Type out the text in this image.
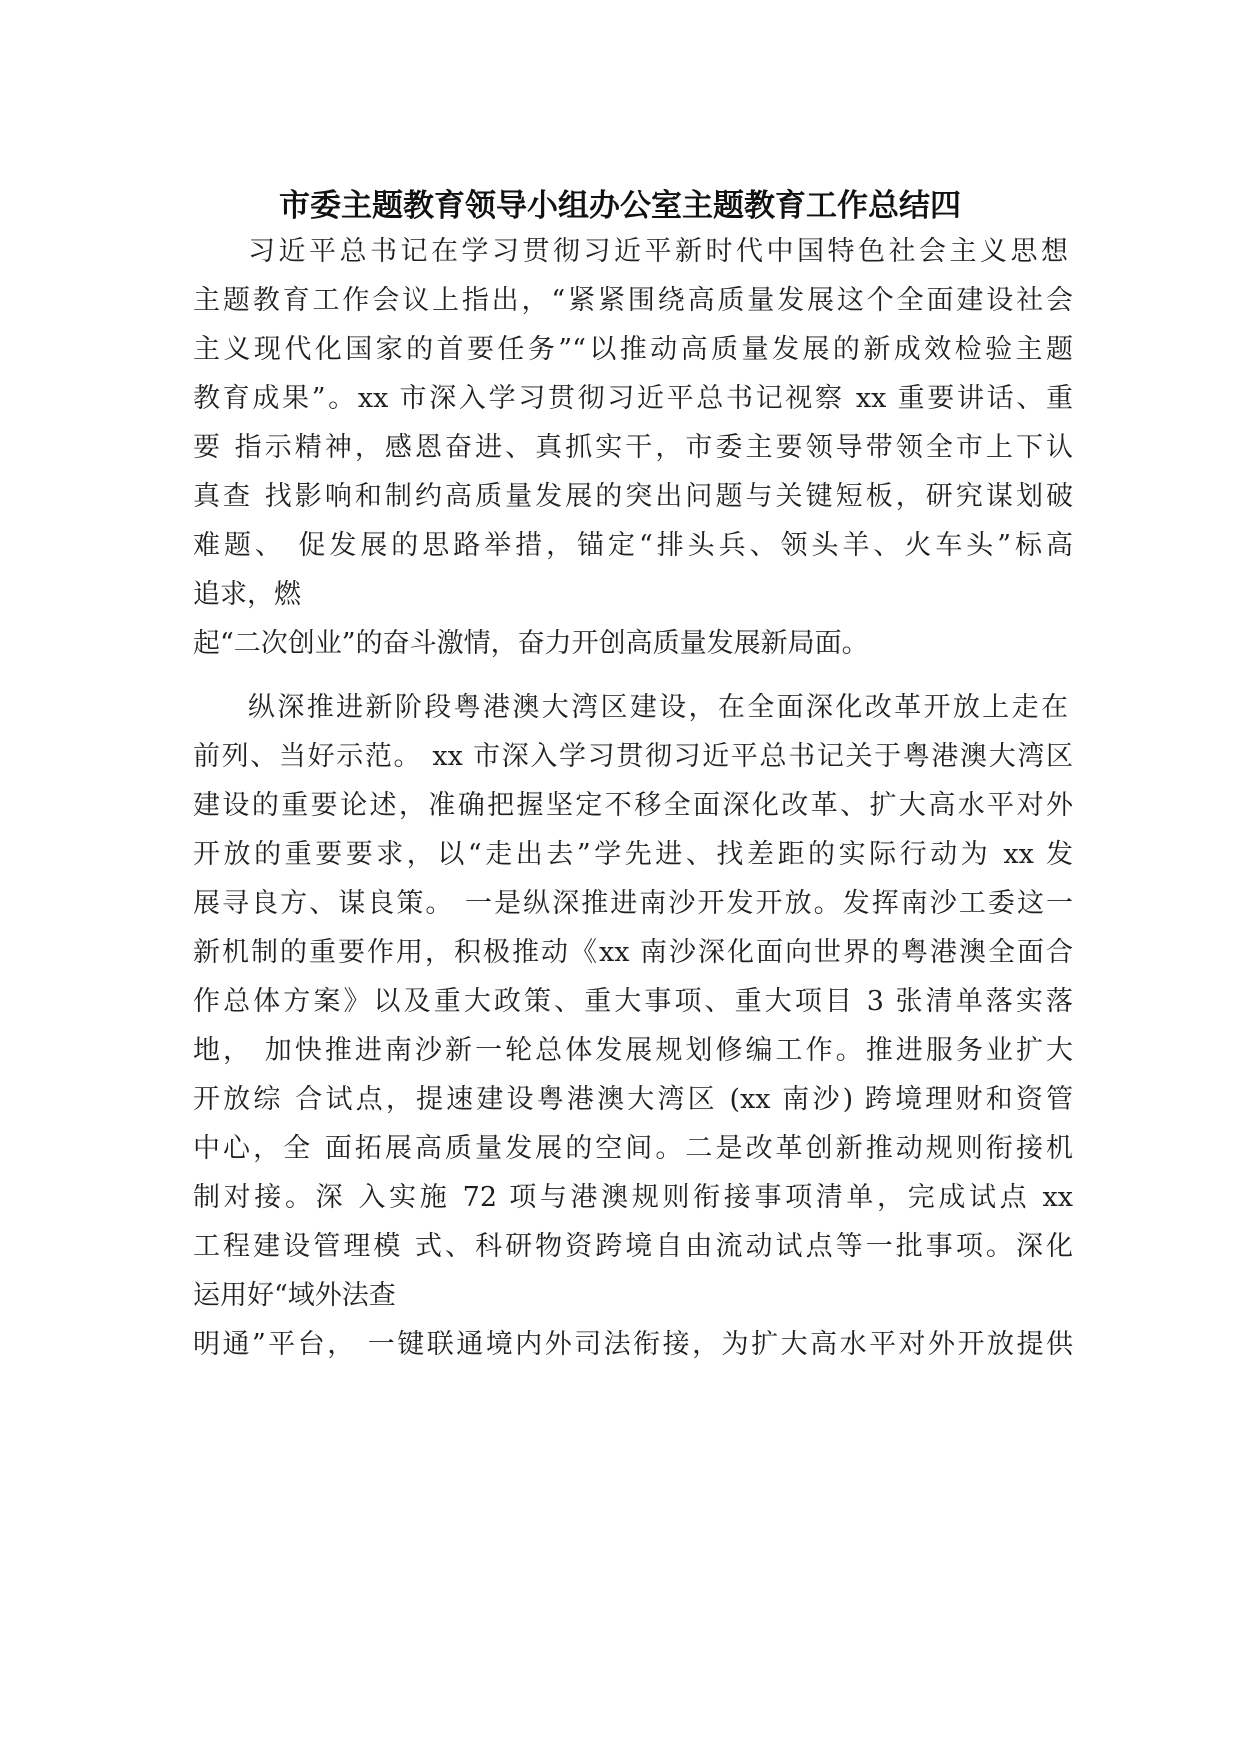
市委主题教育领导小组办公室主题教育工作总结四

习近平总书记在学习贯彻习近平新时代中国特色社会主义思想

主题教育工作会议上指出，“紧紧围绕高质量发展这个全面建设社会

主义现代化国家的首要任务”“以推动高质量发展的新成效检验主题

教育成果”。xx 市深入学习贯彻习近平总书记视察 xx 重要讲话、重

要 指示精神，感恩奋进、真抓实干，市委主要领导带领全市上下认

真查 找影响和制约高质量发展的突出问题与关键短板，研究谋划破

难题、 促发展的思路举措，锚定“排头兵、领头羊、火车头”标高

追求，燃

起“二次创业”的奋斗激情，奋力开创高质量发展新局面。

纵深推进新阶段粤港澳大湾区建设，在全面深化改革开放上走在

前列、当好示范。 xx 市深入学习贯彻习近平总书记关于粤港澳大湾区

建设的重要论述，准确把握坚定不移全面深化改革、扩大高水平对外

开放的重要要求，以“走出去”学先进、找差距的实际行动为 xx 发

展寻良方、谋良策。 一是纵深推进南沙开发开放。发挥南沙工委这一

新机制的重要作用，积极推动《xx 南沙深化面向世界的粤港澳全面合

作总体方案》以及重大政策、重大事项、重大项目 3 张清单落实落

地， 加快推进南沙新一轮总体发展规划修编工作。推进服务业扩大

开放综 合试点，提速建设粤港澳大湾区 (xx 南沙) 跨境理财和资管

中心，全 面拓展高质量发展的空间。二是改革创新推动规则衔接机

制对接。深 入实施 72 项与港澳规则衔接事项清单，完成试点 xx

工程建设管理模 式、科研物资跨境自由流动试点等一批事项。深化

运用好“域外法查

明通”平台， 一键联通境内外司法衔接，为扩大高水平对外开放提供
